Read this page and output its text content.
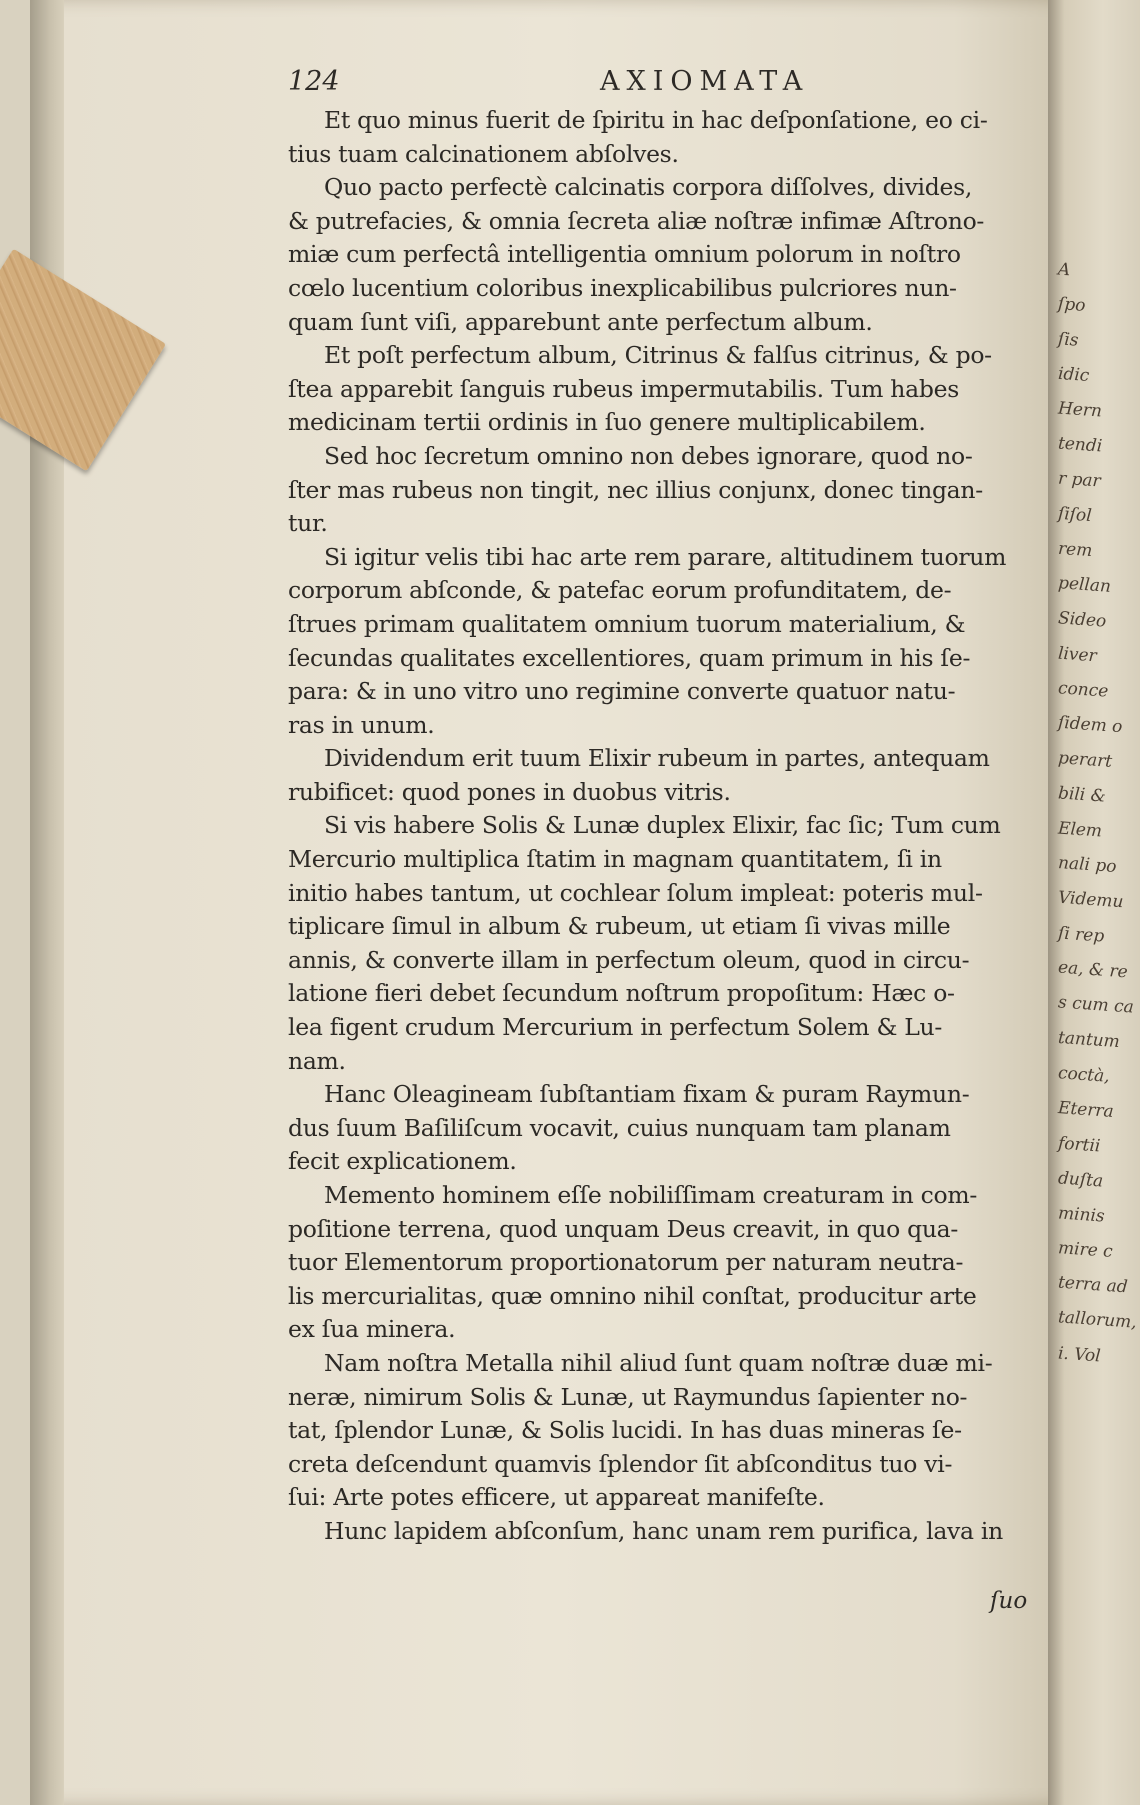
124	AXIOMATA
Et quo minus fuerit de ſpiritu in hac deſponſatione, eo ci-
tius tuam calcinationem abſolves.
Quo pacto perfectè calcinatis corpora diſſolves, divides,
& putrefacies, & omnia ſecreta aliæ noſtræ infimæ Aſtrono-
miæ cum perfectâ intelligentia omnium polorum in noſtro
cœlo lucentium coloribus inexplicabilibus pulcriores nun-
quam ſunt viſi, apparebunt ante perfectum album.
Et poſt perfectum album, Citrinus & falſus citrinus, & po-
ſtea apparebit ſanguis rubeus impermutabilis. Tum habes
medicinam tertii ordinis in ſuo genere multiplicabilem.
Sed hoc ſecretum omnino non debes ignorare, quod no-
ſter mas rubeus non tingit, nec illius conjunx, donec tingan-
tur.
Si igitur velis tibi hac arte rem parare, altitudinem tuorum
corporum abſconde, & patefac eorum profunditatem, de-
ſtrues primam qualitatem omnium tuorum materialium, &
ſecundas qualitates excellentiores, quam primum in his ſe-
para: & in uno vitro uno regimine converte quatuor natu-
ras in unum.
Dividendum erit tuum Elixir rubeum in partes, antequam
rubificet: quod pones in duobus vitris.
Si vis habere Solis & Lunæ duplex Elixir, fac ſic; Tum cum
Mercurio multiplica ſtatim in magnam quantitatem, ſi in
initio habes tantum, ut cochlear ſolum impleat: poteris mul-
tiplicare ſimul in album & rubeum, ut etiam ſi vivas mille
annis, & converte illam in perfectum oleum, quod in circu-
latione fieri debet ſecundum noſtrum propoſitum: Hæc o-
lea figent crudum Mercurium in perfectum Solem & Lu-
nam.
Hanc Oleagineam ſubſtantiam fixam & puram Raymun-
dus ſuum Baſiliſcum vocavit, cuius nunquam tam planam
fecit explicationem.
Memento hominem eſſe nobiliſſimam creaturam in com-
poſitione terrena, quod unquam Deus creavit, in quo qua-
tuor Elementorum proportionatorum per naturam neutra-
lis mercurialitas, quæ omnino nihil conſtat, producitur arte
ex ſua minera.
Nam noſtra Metalla nihil aliud ſunt quam noſtræ duæ mi-
neræ, nimirum Solis & Lunæ, ut Raymundus ſapienter no-
tat, ſplendor Lunæ, & Solis lucidi. In has duas mineras ſe-
creta deſcendunt quamvis ſplendor ſit abſconditus tuo vi-
ſui: Arte potes efficere, ut appareat manifeſte.
Hunc lapidem abſconſum, hanc unam rem purifica, lava in
ſuo
A
ſpo
ſis
idic
Hern
tendi
r par
ſiſol
rem
pellan
Sideo
liver
conce
ſidem o
perart
bili &
Elem
nali po
Videmu
ſi rep
ea, & re
s cum ca
tantum
coctà,
Eterra
fortii
duſta
minis
mire c
terra ad
tallorum,
i. Vol
